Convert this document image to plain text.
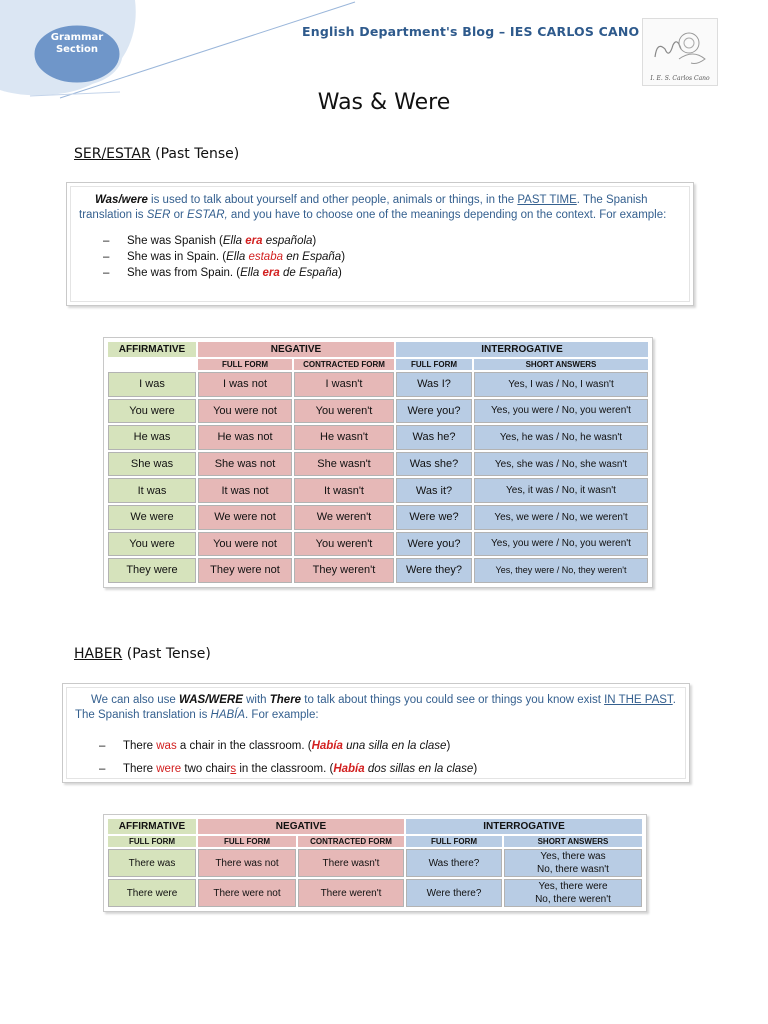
Grammar
Section
English Department's Blog – IES CARLOS CANO
I. E. S. Carlos Cano
Was & Were
SER/ESTAR (Past Tense)
Was/were is used to talk about yourself and other people, animals or things, in the PAST TIME. The Spanish translation is SER or ESTAR, and you have to choose one of the meanings depending on the context. For example:
– She was Spanish (Ella era española)
– She was in Spain. (Ella estaba en España)
– She was from Spain. (Ella era de España)
AFFIRMATIVE	NEGATIVE		INTERROGATIVE	
	FULL FORM	CONTRACTED FORM	FULL FORM	SHORT ANSWERS
I was	I was not	I wasn't	Was I?	Yes, I was / No, I wasn't
You were	You were not	You weren't	Were you?	Yes, you were / No, you weren't
He was	He was not	He wasn't	Was he?	Yes, he was / No, he wasn't
She was	She was not	She wasn't	Was she?	Yes, she was / No, she wasn't
It was	It was not	It wasn't	Was it?	Yes, it was / No, it wasn't
We were	We were not	We weren't	Were we?	Yes, we were / No, we weren't
You were	You were not	You weren't	Were you?	Yes, you were / No, you weren't
They were	They were not	They weren't	Were they?	Yes, they were / No, they weren't
HABER (Past Tense)
We can also use WAS/WERE with There to talk about things you could see or things you know exist IN THE PAST. The Spanish translation is HABÍA. For example:
– There was a chair in the classroom. (Había una silla en la clase)
– There were two chairs in the classroom. (Había dos sillas en la clase)
AFFIRMATIVE	NEGATIVE		INTERROGATIVE	
FULL FORM	FULL FORM	CONTRACTED FORM	FULL FORM	SHORT ANSWERS
There was	There was not	There wasn't	Was there?	Yes, there was
No, there wasn't

There were	There were not	There weren't	Were there?	Yes, there were
No, there weren't
